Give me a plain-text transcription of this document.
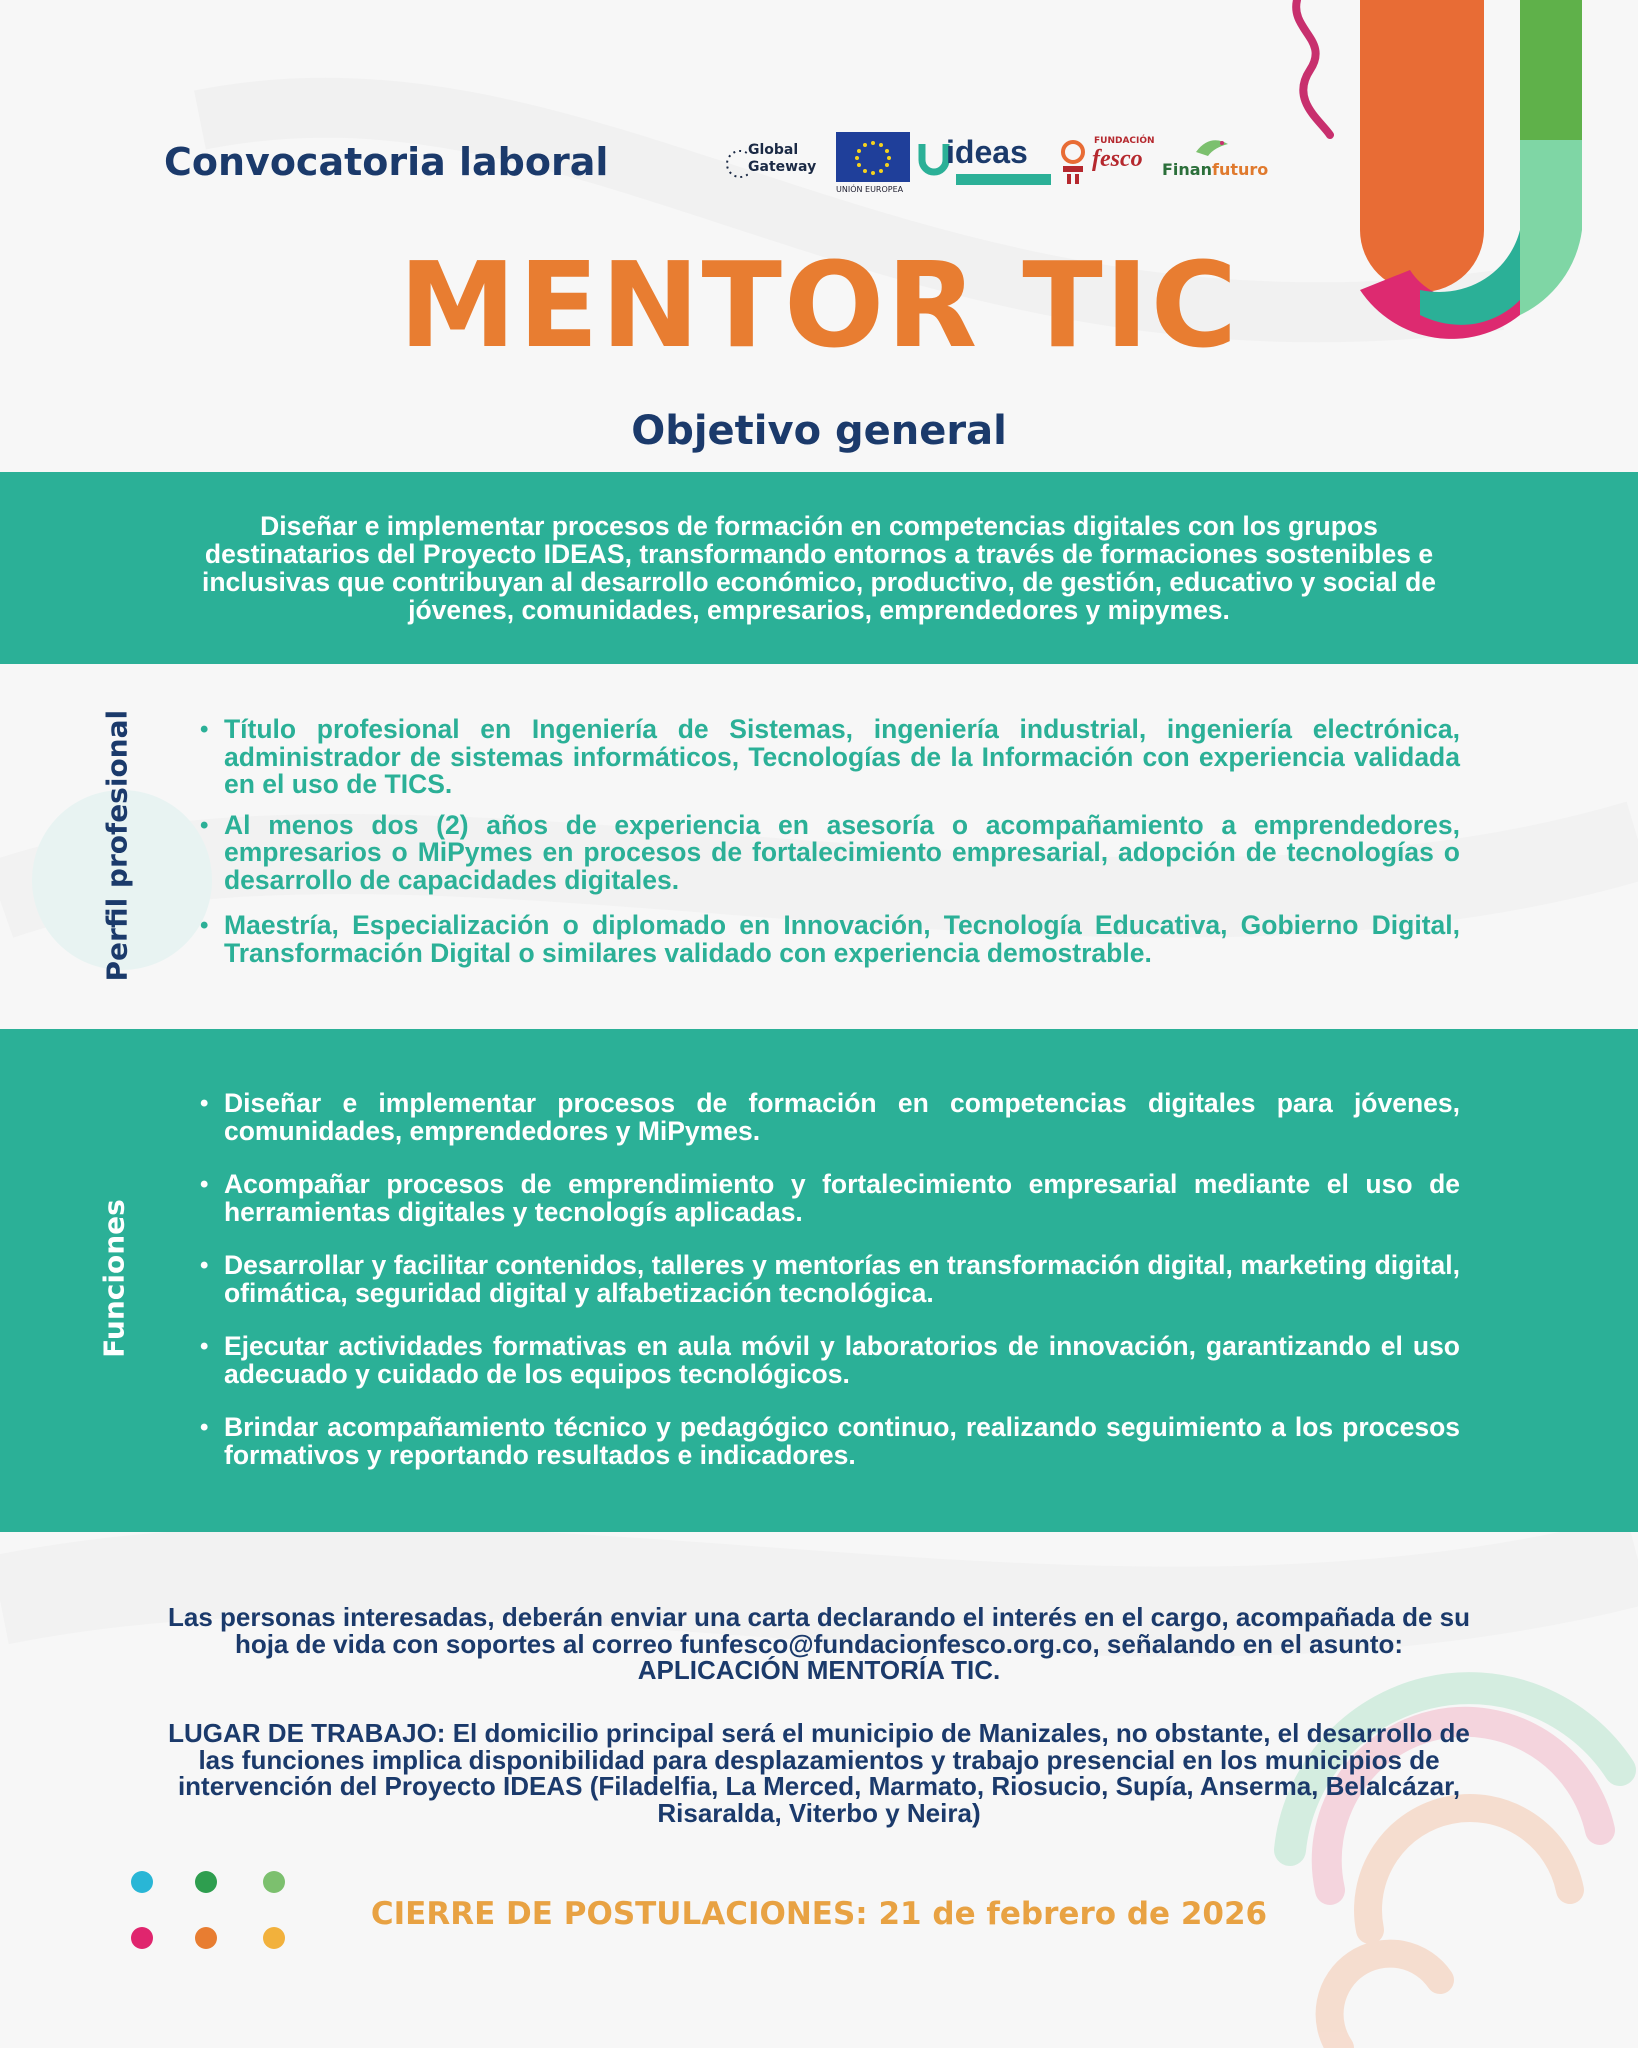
Convocatoria laboral	Global Gateway
UNIÓN EUROPEA
ideas	FUNDACIÓN
fesco Finanfuturo
MENTOR TIC
Objetivo general
Diseñar e implementar procesos de formación en competencias digitales con los grupos destinatarios del Proyecto IDEAS, transformando entornos a través de formaciones sostenibles e inclusivas que contribuyan al desarrollo económico, productivo, de gestión, educativo y social de jóvenes, comunidades, empresarios, emprendedores y mipymes.
Perfil profesional	• Título profesional en Ingeniería de Sistemas, ingeniería industrial, ingeniería electrónica, administrador de sistemas informáticos, Tecnologías de la Información con experiencia validada en el uso de TICS.
• Al menos dos (2) años de experiencia en asesoría o acompañamiento a emprendedores, empresarios o MiPymes en procesos de fortalecimiento empresarial, adopción de tecnologías o desarrollo de capacidades digitales.
• Maestría, Especialización o diplomado en Innovación, Tecnología Educativa, Gobierno Digital, Transformación Digital o similares validado con experiencia demostrable.
Funciones
• Diseñar e implementar procesos de formación en competencias digitales para jóvenes, comunidades, emprendedores y MiPymes.
• Acompañar procesos de emprendimiento y fortalecimiento empresarial mediante el uso de herramientas digitales y tecnologís aplicadas.
• Desarrollar y facilitar contenidos, talleres y mentorías en transformación digital, marketing digital, ofimática, seguridad digital y alfabetización tecnológica.
• Ejecutar actividades formativas en aula móvil y laboratorios de innovación, garantizando el uso adecuado y cuidado de los equipos tecnológicos.
• Brindar acompañamiento técnico y pedagógico continuo, realizando seguimiento a los procesos formativos y reportando resultados e indicadores.
Las personas interesadas, deberán enviar una carta declarando el interés en el cargo, acompañada de su hoja de vida con soportes al correo funfesco@fundacionfesco.org.co, señalando en el asunto: APLICACIÓN MENTORÍA TIC.
LUGAR DE TRABAJO: El domicilio principal será el municipio de Manizales, no obstante, el desarrollo de las funciones implica disponibilidad para desplazamientos y trabajo presencial en los municipios de intervención del Proyecto IDEAS (Filadelfia, La Merced, Marmato, Riosucio, Supía, Anserma, Belalcázar, Risaralda, Viterbo y Neira)
CIERRE DE POSTULACIONES: 21 de febrero de 2026
